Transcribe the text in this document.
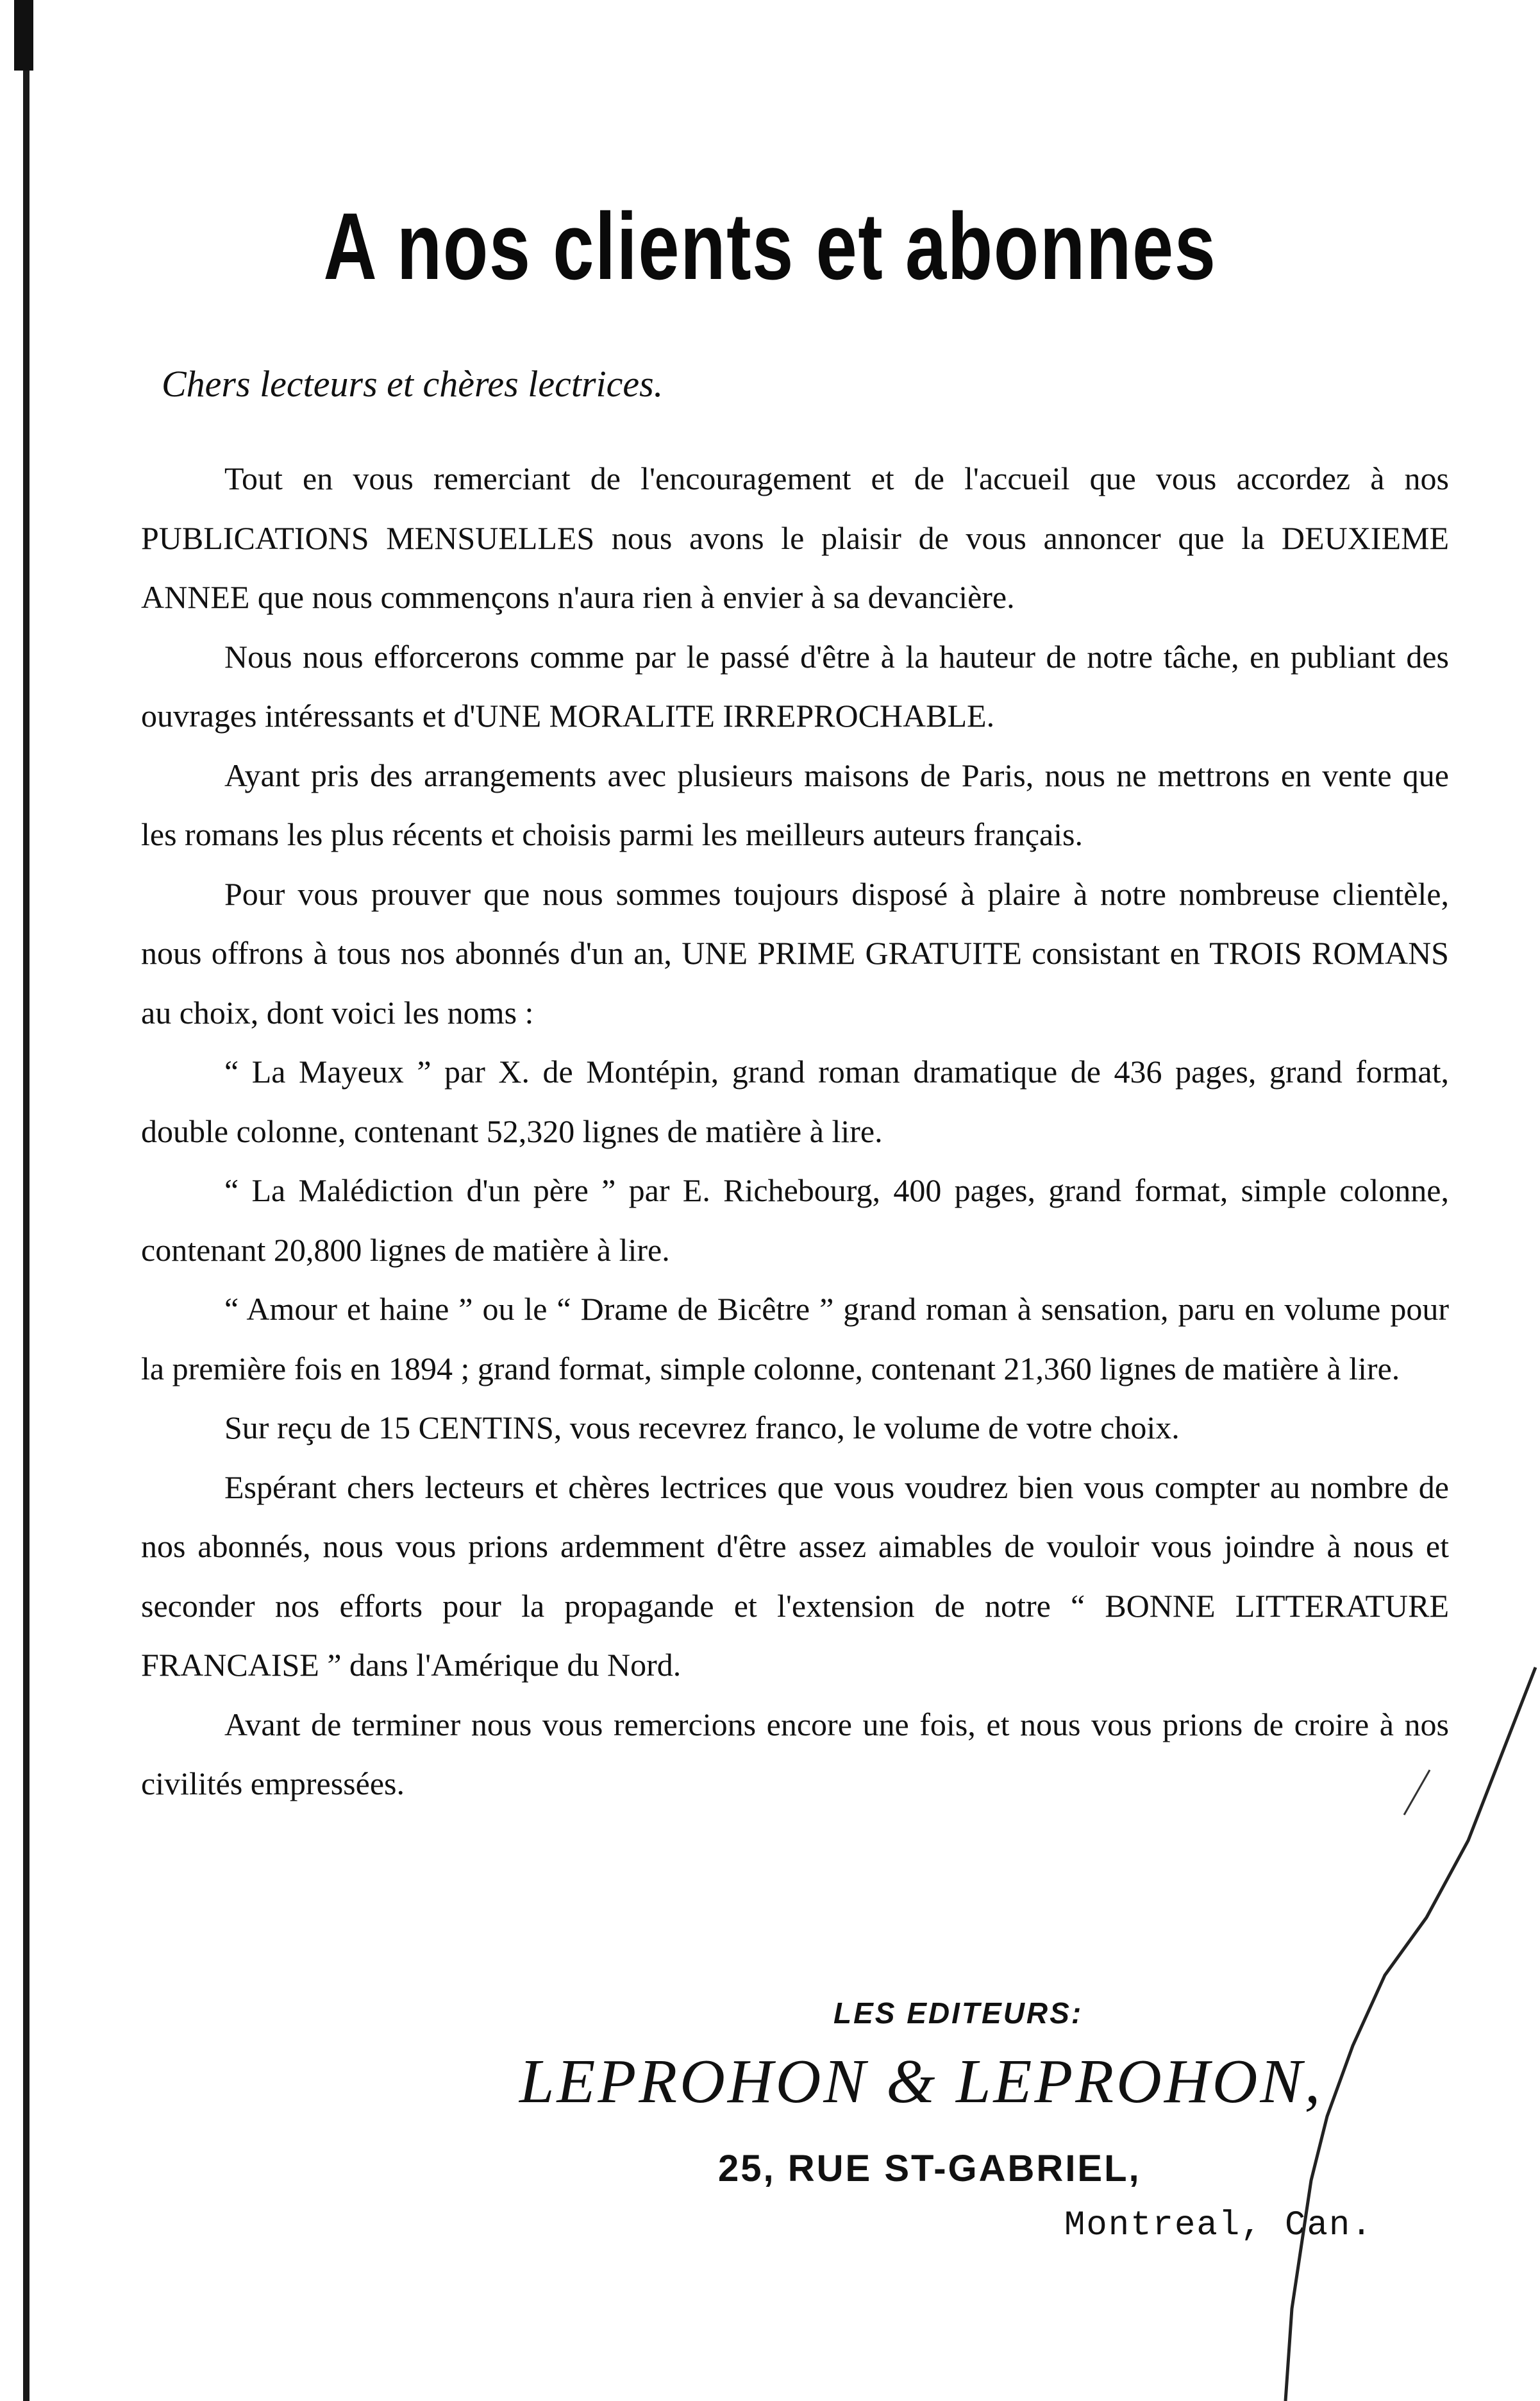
A nos clients et abonnes
Chers lecteurs et chères lectrices.

Tout en vous remerciant de l'encouragement et de l'accueil que vous accordez à nos PUBLICATIONS MENSUELLES nous avons le plaisir de vous annoncer que la DEUXIEME ANNEE que nous commençons n'aura rien à envier à sa devancière.

Nous nous efforcerons comme par le passé d'être à la hauteur de notre tâche, en publiant des ouvrages intéressants et d'UNE MORALITE IRREPROCHABLE.

Ayant pris des arrangements avec plusieurs maisons de Paris, nous ne mettrons en vente que les romans les plus récents et choisis parmi les meilleurs auteurs français.

Pour vous prouver que nous sommes toujours disposé à plaire à notre nombreuse clientèle, nous offrons à tous nos abonnés d'un an, UNE PRIME GRATUITE consistant en TROIS ROMANS au choix, dont voici les noms :

“ La Mayeux ” par X. de Montépin, grand roman dramatique de 436 pages, grand format, double colonne, contenant 52,320 lignes de matière à lire.

“ La Malédiction d'un père ” par E. Richebourg, 400 pages, grand format, simple colonne, contenant 20,800 lignes de matière à lire.

“ Amour et haine ” ou le “ Drame de Bicêtre ” grand roman à sensation, paru en volume pour la première fois en 1894 ; grand format, simple colonne, contenant 21,360 lignes de matière à lire.

Sur reçu de 15 CENTINS, vous recevrez franco, le volume de votre choix.

Espérant chers lecteurs et chères lectrices que vous voudrez bien vous compter au nombre de nos abonnés, nous vous prions ardemment d'être assez aimables de vouloir vous joindre à nous et seconder nos efforts pour la propagande et l'extension de notre “ BONNE LITTERATURE FRANCAISE ” dans l'Amérique du Nord.

Avant de terminer nous vous remercions encore une fois, et nous vous prions de croire à nos civilités empressées.

LES EDITEURS:
LEPROHON & LEPROHON,
25, RUE ST-GABRIEL,
Montreal, Can.
